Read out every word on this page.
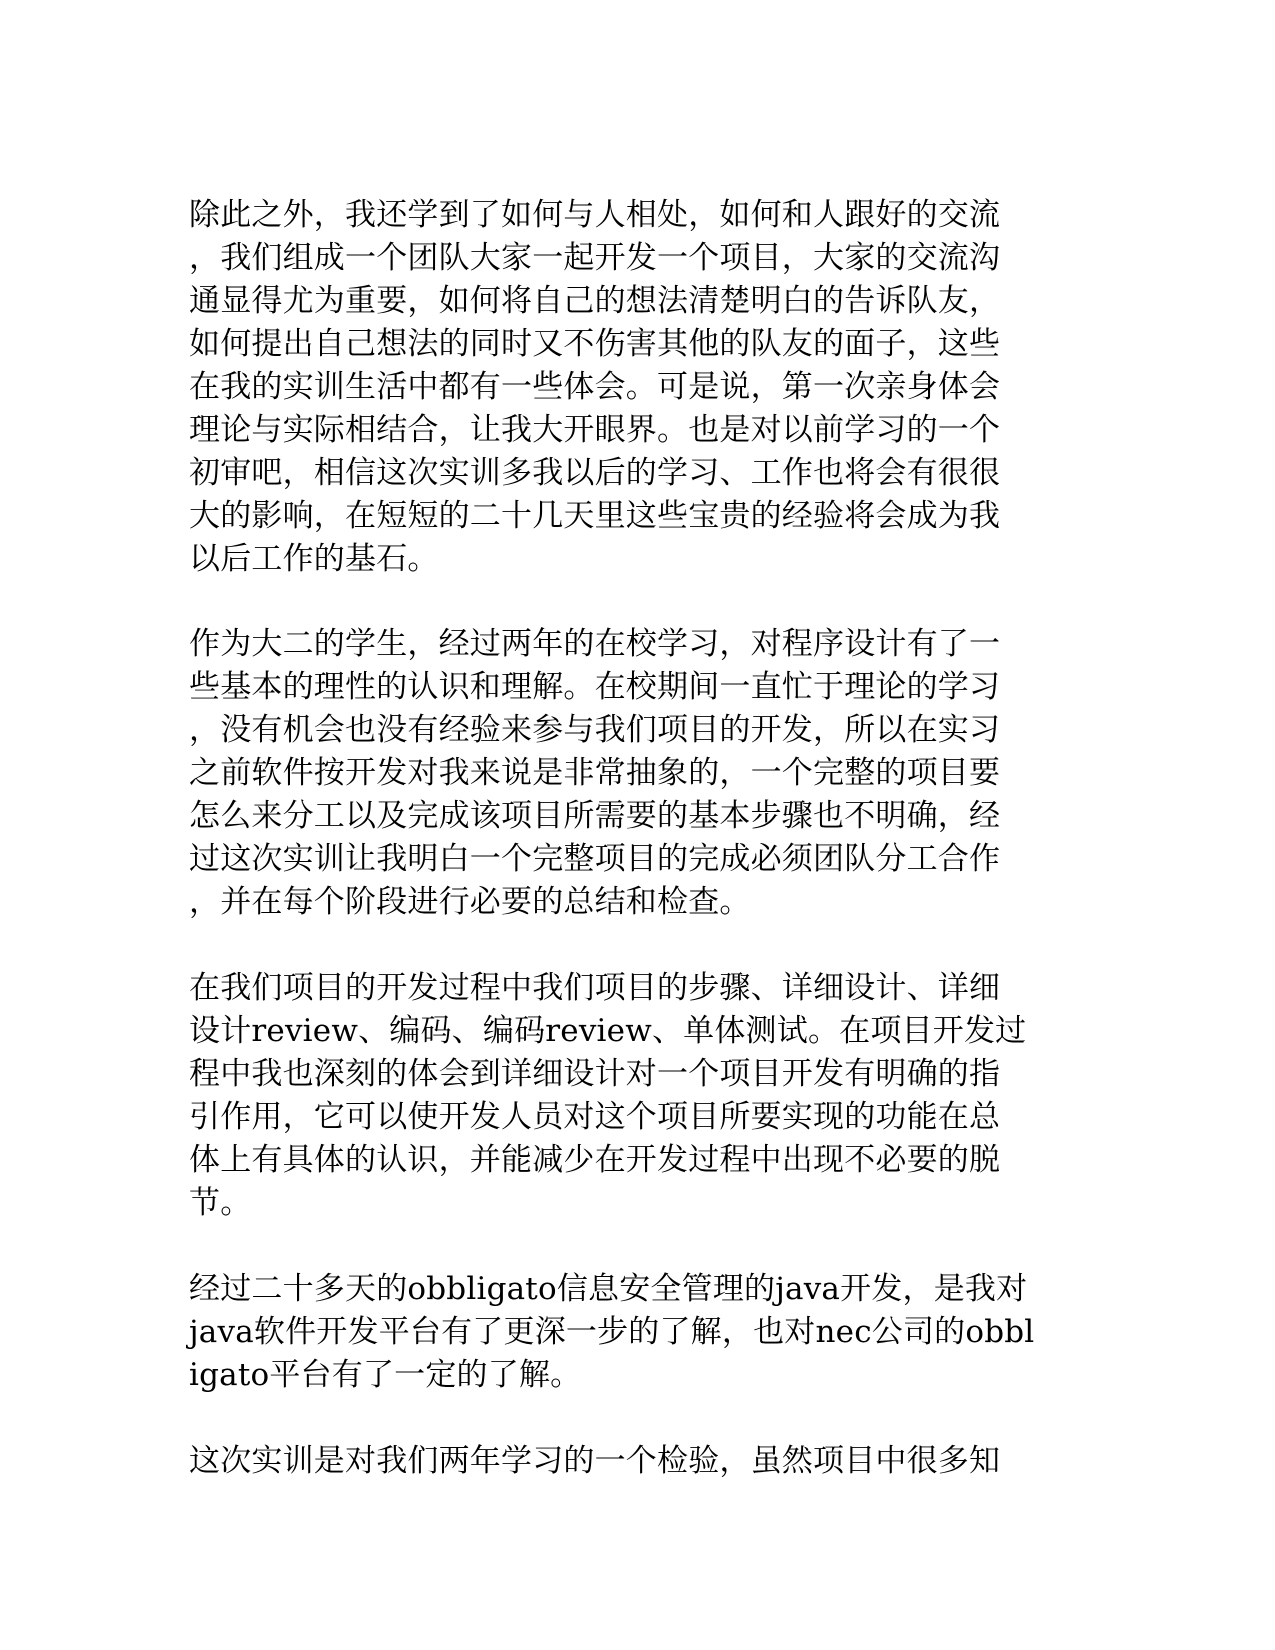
除此之外，我还学到了如何与人相处，如何和人跟好的交流
，我们组成一个团队大家一起开发一个项目，大家的交流沟
通显得尤为重要，如何将自己的想法清楚明白的告诉队友，
如何提出自己想法的同时又不伤害其他的队友的面子，这些
在我的实训生活中都有一些体会。可是说，第一次亲身体会
理论与实际相结合，让我大开眼界。也是对以前学习的一个
初审吧，相信这次实训多我以后的学习、工作也将会有很很
大的影响，在短短的二十几天里这些宝贵的经验将会成为我
以后工作的基石。
作为大二的学生，经过两年的在校学习，对程序设计有了一
些基本的理性的认识和理解。在校期间一直忙于理论的学习
，没有机会也没有经验来参与我们项目的开发，所以在实习
之前软件按开发对我来说是非常抽象的，一个完整的项目要
怎么来分工以及完成该项目所需要的基本步骤也不明确，经
过这次实训让我明白一个完整项目的完成必须团队分工合作
，并在每个阶段进行必要的总结和检查。
在我们项目的开发过程中我们项目的步骤、详细设计、详细
设计review、编码、编码review、单体测试。在项目开发过
程中我也深刻的体会到详细设计对一个项目开发有明确的指
引作用，它可以使开发人员对这个项目所要实现的功能在总
体上有具体的认识，并能减少在开发过程中出现不必要的脱
节。
经过二十多天的obbligato信息安全管理的java开发，是我对
java软件开发平台有了更深一步的了解，也对nec公司的obbl
igato平台有了一定的了解。
这次实训是对我们两年学习的一个检验，虽然项目中很多知
